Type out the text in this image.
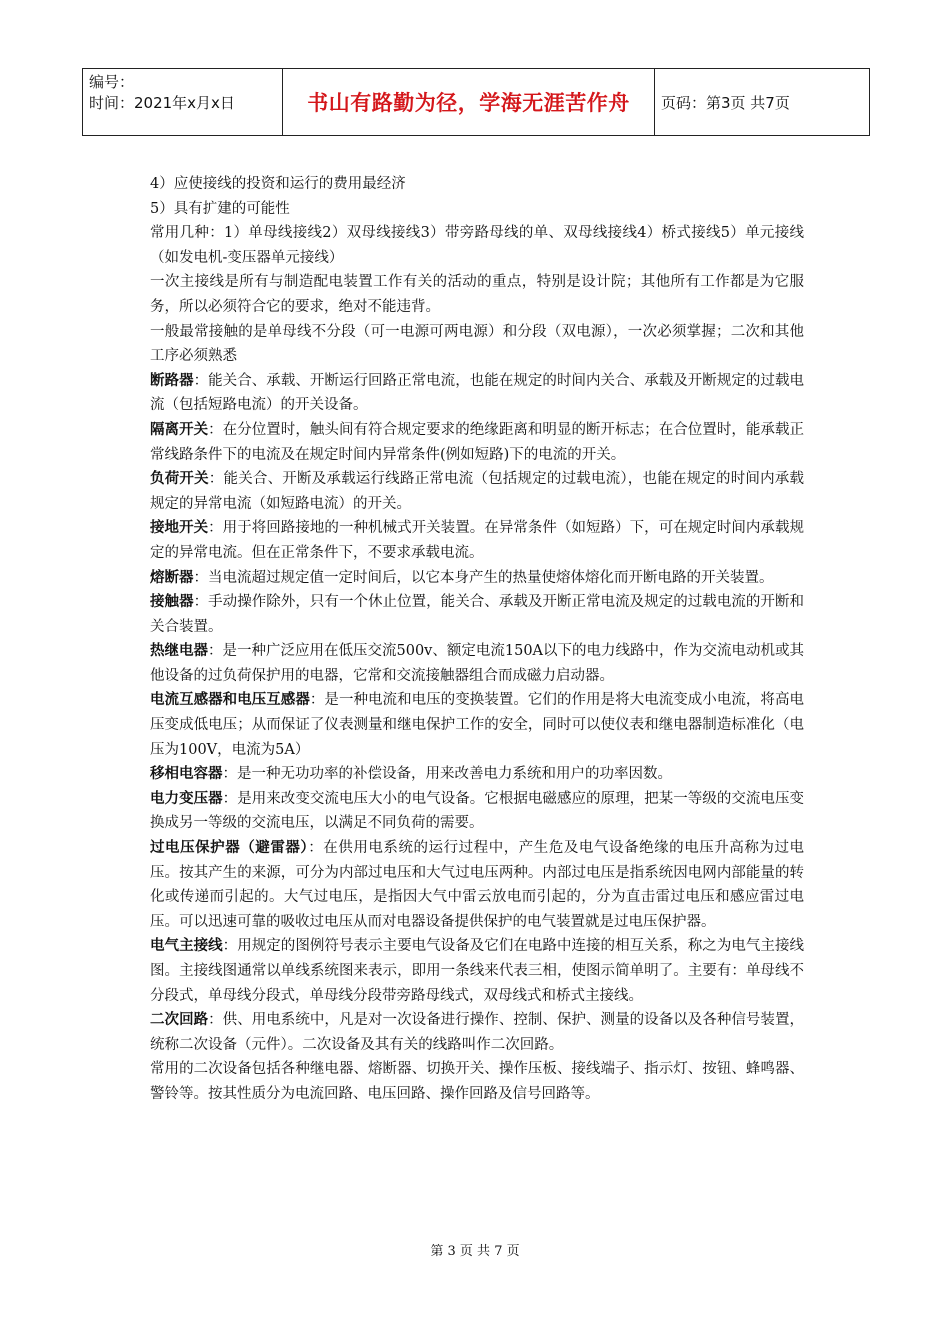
编号：
时间：2021年x月x日	书山有路勤为径，学海无涯苦作舟	页码：第3页 共7页

4）应使接线的投资和运行的费用最经济

5）具有扩建的可能性

常用几种：1）单母线接线2）双母线接线3）带旁路母线的单、双母线接线4）桥式接线5）单元接线（如发电机-变压器单元接线）

一次主接线是所有与制造配电装置工作有关的活动的重点，特别是设计院；其他所有工作都是为它服务，所以必须符合它的要求，绝对不能违背。

一般最常接触的是单母线不分段（可一电源可两电源）和分段（双电源），一次必须掌握；二次和其他工序必须熟悉

断路器：能关合、承载、开断运行回路正常电流，也能在规定的时间内关合、承载及开断规定的过载电流（包括短路电流）的开关设备。

隔离开关：在分位置时，触头间有符合规定要求的绝缘距离和明显的断开标志；在合位置时，能承载正常线路条件下的电流及在规定时间内异常条件(例如短路)下的电流的开关。

负荷开关：能关合、开断及承载运行线路正常电流（包括规定的过载电流），也能在规定的时间内承载规定的异常电流（如短路电流）的开关。

接地开关：用于将回路接地的一种机械式开关装置。在异常条件（如短路）下，可在规定时间内承载规定的异常电流。但在正常条件下，不要求承载电流。

熔断器：当电流超过规定值一定时间后，以它本身产生的热量使熔体熔化而开断电路的开关装置。

接触器：手动操作除外，只有一个休止位置，能关合、承载及开断正常电流及规定的过载电流的开断和关合装置。

热继电器：是一种广泛应用在低压交流500v、额定电流150A以下的电力线路中，作为交流电动机或其他设备的过负荷保护用的电器，它常和交流接触器组合而成磁力启动器。

电流互感器和电压互感器：是一种电流和电压的变换装置。它们的作用是将大电流变成小电流，将高电压变成低电压；从而保证了仪表测量和继电保护工作的安全，同时可以使仪表和继电器制造标准化（电压为100V，电流为5A）

移相电容器：是一种无功功率的补偿设备，用来改善电力系统和用户的功率因数。

电力变压器：是用来改变交流电压大小的电气设备。它根据电磁感应的原理，把某一等级的交流电压变换成另一等级的交流电压，以满足不同负荷的需要。

过电压保护器（避雷器）：在供用电系统的运行过程中，产生危及电气设备绝缘的电压升高称为过电压。按其产生的来源，可分为内部过电压和大气过电压两种。内部过电压是指系统因电网内部能量的转化或传递而引起的。大气过电压，是指因大气中雷云放电而引起的，分为直击雷过电压和感应雷过电压。可以迅速可靠的吸收过电压从而对电器设备提供保护的电气装置就是过电压保护器。

电气主接线：用规定的图例符号表示主要电气设备及它们在电路中连接的相互关系，称之为电气主接线图。主接线图通常以单线系统图来表示，即用一条线来代表三相，使图示简单明了。主要有：单母线不分段式，单母线分段式，单母线分段带旁路母线式，双母线式和桥式主接线。

二次回路：供、用电系统中，凡是对一次设备进行操作、控制、保护、测量的设备以及各种信号装置，统称二次设备（元件）。二次设备及其有关的线路叫作二次回路。

常用的二次设备包括各种继电器、熔断器、切换开关、操作压板、接线端子、指示灯、按钮、蜂鸣器、警铃等。按其性质分为电流回路、电压回路、操作回路及信号回路等。

第 3 页 共 7 页
